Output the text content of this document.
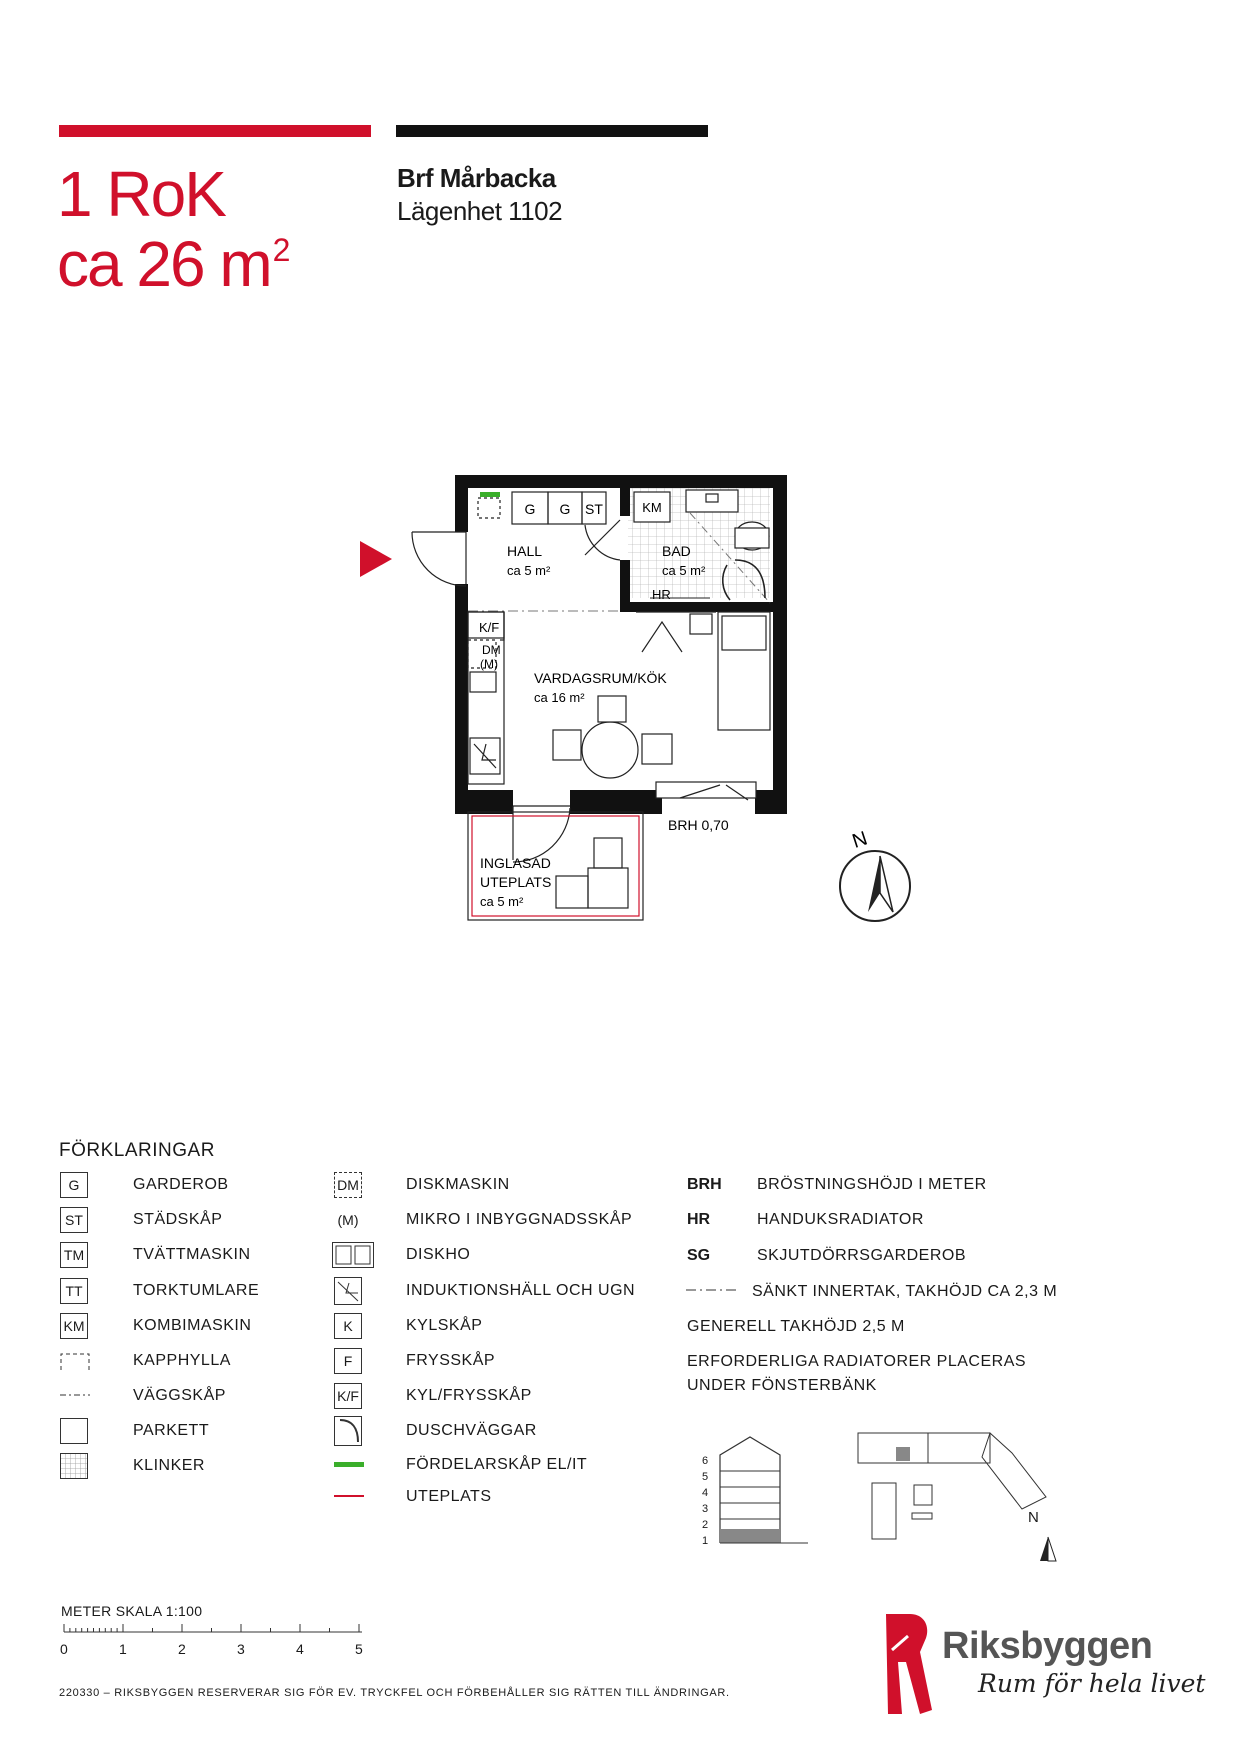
1 RoK
ca 26 $m^2$
Brf Mårbacka
Lägenhet 1102
G G ST
HALL
ca 5 m²
KM
BAD
ca 5 m²
HR
K/F
DM
(M)
VARDAGSRUM/KÖK
ca 16 m²
BRH 0,70
INGLASAD
UTEPLATS
ca 5 m²
N
FÖRKLARINGAR
G	GARDEROB
ST	STÄDSKÅP
TM	TVÄTTMASKIN
TT	TORKTUMLARE
KM	KOMBIMASKIN
KAPPHYLLA
VÄGGSKÅP
PARKETT
KLINKER
DM	DISKMASKIN
(M)	MIKRO I INBYGGNADSSKÅP
DISKHO
INDUKTIONSHÄLL OCH UGN
K	KYLSKÅP
F	FRYSSKÅP
K/F	KYL/FRYSSKÅP
DUSCHVÄGGAR
FÖRDELARSKÅP EL/IT
UTEPLATS
BRH BRÖSTNINGSHÖJD I METER
HR	HANDUKSRADIATOR
SG	SKJUTDÖRRSGARDEROB
SÄNKT INNERTAK, TAKHÖJD CA 2,3 M
GENERELL TAKHÖJD 2,5 M
ERFORDERLIGA RADIATORER PLACERAS
UNDER FÖNSTERBÄNK
6
5
4
3
2
1
N
METER SKALA 1:100
0	1	2	3	4	5
220330 – RIKSBYGGEN RESERVERAR SIG FÖR EV. TRYCKFEL OCH FÖRBEHÅLLER SIG RÄTTEN TILL ÄNDRINGAR.
Riksbyggen
Rum för hela livet
